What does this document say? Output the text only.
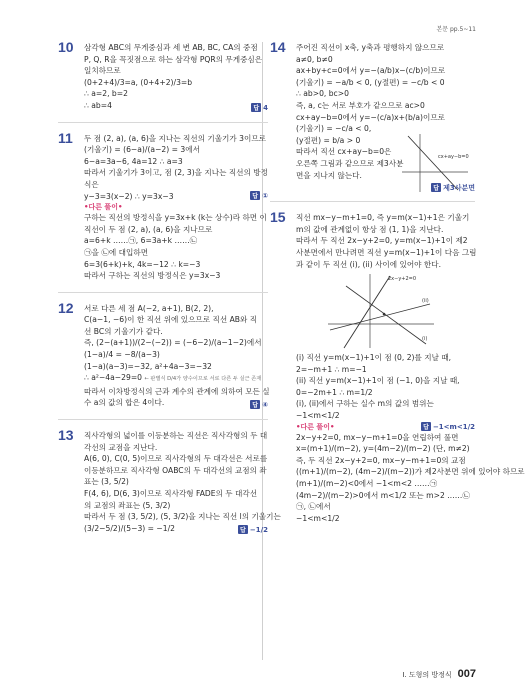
본문 pp.5~11
10	삼각형 ABC의 무게중심과 세 변 AB, BC, CA의 중점
P, Q, R을 꼭짓점으로 하는 삼각형 PQR의 무게중심은
일치하므로
(0+2+4)/3=a, (0+4+2)/3=b
∴ a=2, b=2
∴ ab=4	답 4
11	두 점 (2, a), (a, 6)을 지나는 직선의 기울기가 3이므로
(기울기) = (6−a)/(a−2) = 3에서
6−a=3a−6, 4a=12 ∴ a=3
따라서 기울기가 3이고, 점 (2, 3)을 지나는 직선의 방정
식은
y−3=3(x−2) ∴ y=3x−3	답 ①
•다른 풀이•
구하는 직선의 방정식을 y=3x+k (k는 상수)라 하면 이
직선이 두 점 (2, a), (a, 6)을 지나므로
a=6+k ……㉠, 6=3a+k ……㉡
㉠을 ㉡에 대입하면
6=3(6+k)+k, 4k=−12 ∴ k=−3
따라서 구하는 직선의 방정식은 y=3x−3
12	서로 다른 세 점 A(−2, a+1), B(2, 2),
C(a−1, −6)이 한 직선 위에 있으므로 직선 AB와 직
선 BC의 기울기가 같다.
즉, (2−(a+1))/(2−(−2)) = (−6−2)/(a−1−2)에서
(1−a)/4 = −8/(a−3)
(1−a)(a−3)=−32, a²+4a−3=−32
∴ a²−4a−29=0 ← 판별식 D/4가 양수이므로 서로 다른 두 실근 존재
따라서 이차방정식의 근과 계수의 관계에 의하여 모든 실
수 a의 값의 합은 4이다.	답 ④
13	직사각형의 넓이를 이등분하는 직선은 직사각형의 두 대
각선의 교점을 지난다.
A(6, 0), C(0, 5)이므로 직사각형의 두 대각선은 서로를
이등분하므로 직사각형 OABC의 두 대각선의 교점의 좌
표는 (3, 5/2)
F(4, 6), D(6, 3)이므로 직사각형 FADE의 두 대각선
의 교점의 좌표는 (5, 3/2)
따라서 두 점 (3, 5/2), (5, 3/2)을 지나는 직선 l의 기울기는
(3/2−5/2)/(5−3) = −1/2	답 −1/2
14	주어진 직선이 x축, y축과 평행하지 않으므로
a≠0, b≠0
ax+by+c=0에서 y=−(a/b)x−(c/b)이므로
(기울기) = −a/b < 0, (y절편) = −c/b < 0
∴ ab>0, bc>0
즉, a, c는 서로 부호가 같으므로 ac>0
cx+ay−b=0에서 y=−(c/a)x+(b/a)이므로
(기울기) = −c/a < 0,
(y절편) = b/a > 0
따라서 직선 cx+ay−b=0은
오른쪽 그림과 같으므로 제3사분
면을 지나지 않는다.
cx+ay−b=0
답 제3사분면
15	직선 mx−y−m+1=0, 즉 y=m(x−1)+1은 기울기
m의 값에 관계없이 항상 점 (1, 1)을 지난다.
따라서 두 직선 2x−y+2=0, y=m(x−1)+1이 제2
사분면에서 만나려면 직선 y=m(x−1)+1이 다음 그림
과 같이 두 직선 (i), (ii) 사이에 있어야 한다.
2x−y+2=0
(i)
(ii)
(i) 직선 y=m(x−1)+1이 점 (0, 2)를 지날 때,
2=−m+1 ∴ m=−1
(ii) 직선 y=m(x−1)+1이 점 (−1, 0)을 지날 때,
0=−2m+1 ∴ m=1/2
(i), (ii)에서 구하는 실수 m의 값의 범위는
−1<m<1/2
답 −1<m<1/2
•다른 풀이•
2x−y+2=0, mx−y−m+1=0을 연립하여 풀면
x=(m+1)/(m−2), y=(4m−2)/(m−2) (단, m≠2)
즉, 두 직선 2x−y+2=0, mx−y−m+1=0의 교점
((m+1)/(m−2), (4m−2)/(m−2))가 제2사분면 위에 있어야 하므로
(m+1)/(m−2)<0에서 −1<m<2 ……㉠
(4m−2)/(m−2)>0에서 m<1/2 또는 m>2 ……㉡
㉠, ㉡에서
−1<m<1/2
Ⅰ. 도형의 방정식 007
